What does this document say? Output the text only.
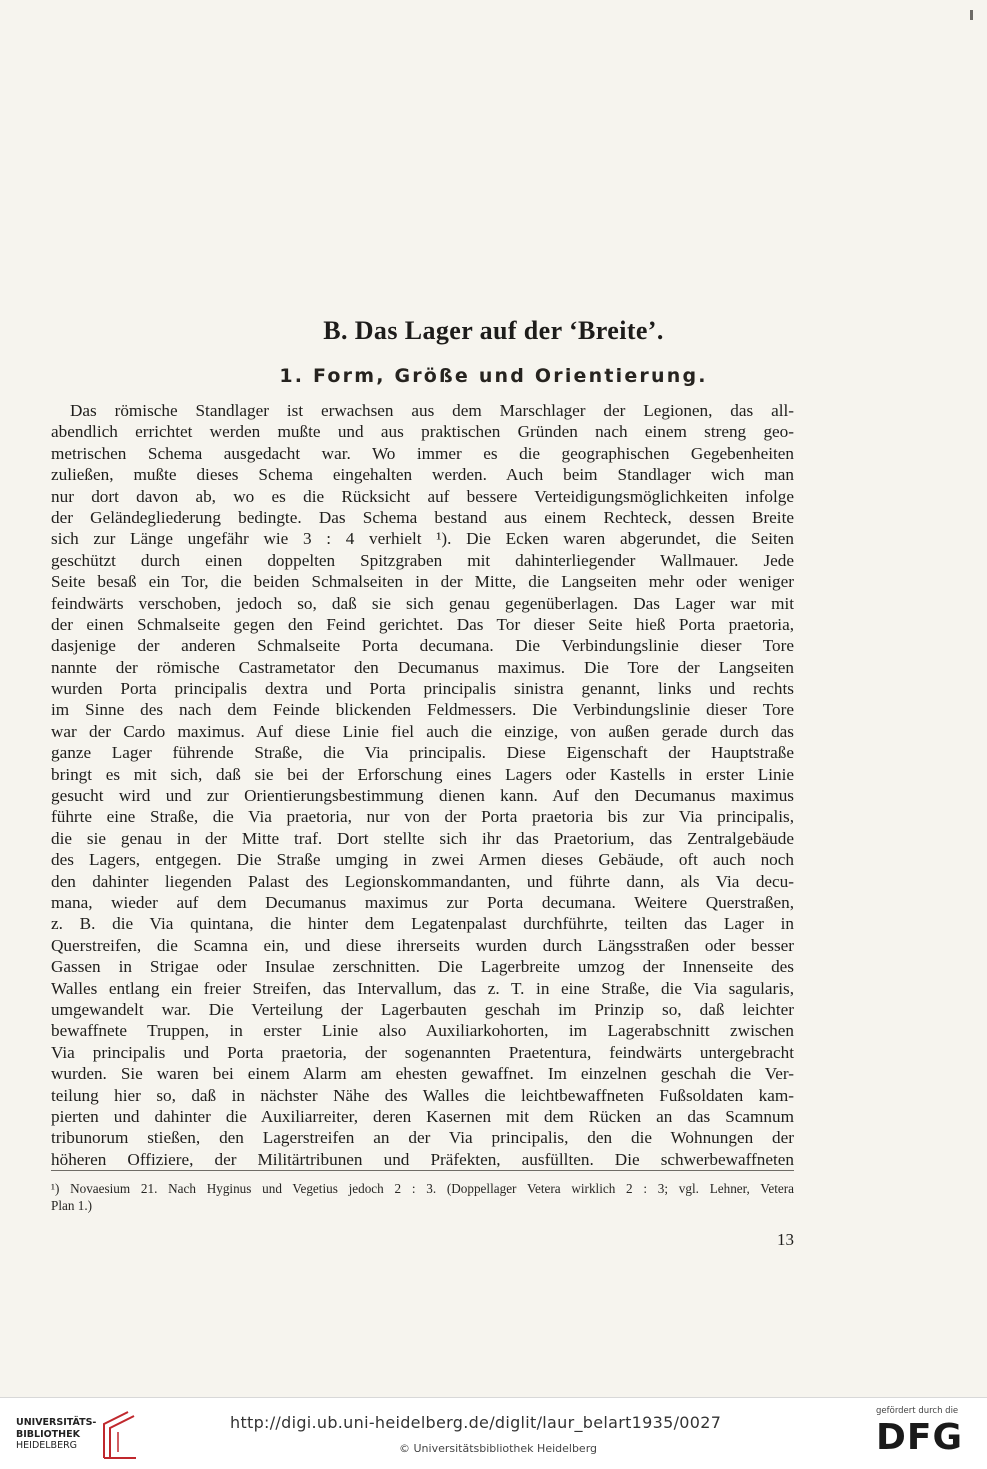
B. Das Lager auf der ‘Breite’.
1. Form, Größe und Orientierung.
Das römische Standlager ist erwachsen aus dem Marschlager der Legionen, das all-
abendlich errichtet werden mußte und aus praktischen Gründen nach einem streng geo-
metrischen Schema ausgedacht war. Wo immer es die geographischen Gegebenheiten
zuließen, mußte dieses Schema eingehalten werden. Auch beim Standlager wich man
nur dort davon ab, wo es die Rücksicht auf bessere Verteidigungsmöglichkeiten infolge
der Geländegliederung bedingte. Das Schema bestand aus einem Rechteck, dessen Breite
sich zur Länge ungefähr wie 3 : 4 verhielt ¹). Die Ecken waren abgerundet, die Seiten
geschützt durch einen doppelten Spitzgraben mit dahinterliegender Wallmauer. Jede
Seite besaß ein Tor, die beiden Schmalseiten in der Mitte, die Langseiten mehr oder weniger
feindwärts verschoben, jedoch so, daß sie sich genau gegenüberlagen. Das Lager war mit
der einen Schmalseite gegen den Feind gerichtet. Das Tor dieser Seite hieß Porta praetoria,
dasjenige der anderen Schmalseite Porta decumana. Die Verbindungslinie dieser Tore
nannte der römische Castrametator den Decumanus maximus. Die Tore der Langseiten
wurden Porta principalis dextra und Porta principalis sinistra genannt, links und rechts
im Sinne des nach dem Feinde blickenden Feldmessers. Die Verbindungslinie dieser Tore
war der Cardo maximus. Auf diese Linie fiel auch die einzige, von außen gerade durch das
ganze Lager führende Straße, die Via principalis. Diese Eigenschaft der Hauptstraße
bringt es mit sich, daß sie bei der Erforschung eines Lagers oder Kastells in erster Linie
gesucht wird und zur Orientierungsbestimmung dienen kann. Auf den Decumanus maximus
führte eine Straße, die Via praetoria, nur von der Porta praetoria bis zur Via principalis,
die sie genau in der Mitte traf. Dort stellte sich ihr das Praetorium, das Zentralgebäude
des Lagers, entgegen. Die Straße umging in zwei Armen dieses Gebäude, oft auch noch
den dahinter liegenden Palast des Legionskommandanten, und führte dann, als Via decu-
mana, wieder auf dem Decumanus maximus zur Porta decumana. Weitere Querstraßen,
z. B. die Via quintana, die hinter dem Legatenpalast durchführte, teilten das Lager in
Querstreifen, die Scamna ein, und diese ihrerseits wurden durch Längsstraßen oder besser
Gassen in Strigae oder Insulae zerschnitten. Die Lagerbreite umzog der Innenseite des
Walles entlang ein freier Streifen, das Intervallum, das z. T. in eine Straße, die Via sagularis,
umgewandelt war. Die Verteilung der Lagerbauten geschah im Prinzip so, daß leichter
bewaffnete Truppen, in erster Linie also Auxiliarkohorten, im Lagerabschnitt zwischen
Via principalis und Porta praetoria, der sogenannten Praetentura, feindwärts untergebracht
wurden. Sie waren bei einem Alarm am ehesten gewaffnet. Im einzelnen geschah die Ver-
teilung hier so, daß in nächster Nähe des Walles die leichtbewaffneten Fußsoldaten kam-
pierten und dahinter die Auxiliarreiter, deren Kasernen mit dem Rücken an das Scamnum
tribunorum stießen, den Lagerstreifen an der Via principalis, den die Wohnungen der
höheren Offiziere, der Militärtribunen und Präfekten, ausfüllten. Die schwerbewaffneten
¹) Novaesium 21. Nach Hyginus und Vegetius jedoch 2 : 3. (Doppellager Vetera wirklich 2 : 3; vgl. Lehner, Vetera
Plan 1.)
13
UNIVERSITÄTS-
BIBLIOTHEK
HEIDELBERG
http://digi.ub.uni-heidelberg.de/diglit/laur_belart1935/0027
© Universitätsbibliothek Heidelberg
gefördert durch die
DFG
